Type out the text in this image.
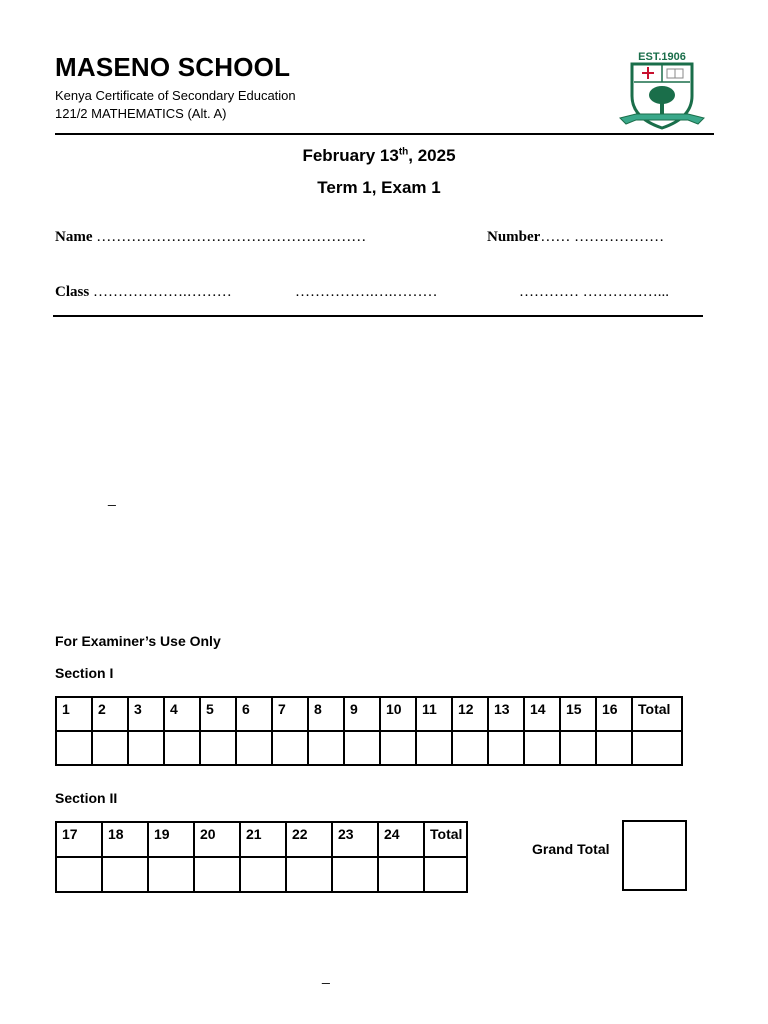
MASENO SCHOOL
Kenya Certificate of Secondary Education
121/2 MATHEMATICS (Alt. A)
EST.1906
February 13th, 2025
Term 1, Exam 1
Name ………………………………………………	Number…… ………………
Class ……………….………	…………….….………	………… ……………...
_
For Examiner’s Use Only
Section I
1	2	3	4	5	6	7	8	9	10	11	12	13	14	15	16	Total

Section II
17	18	19	20	21	22	23	24	Total

Grand Total
_
